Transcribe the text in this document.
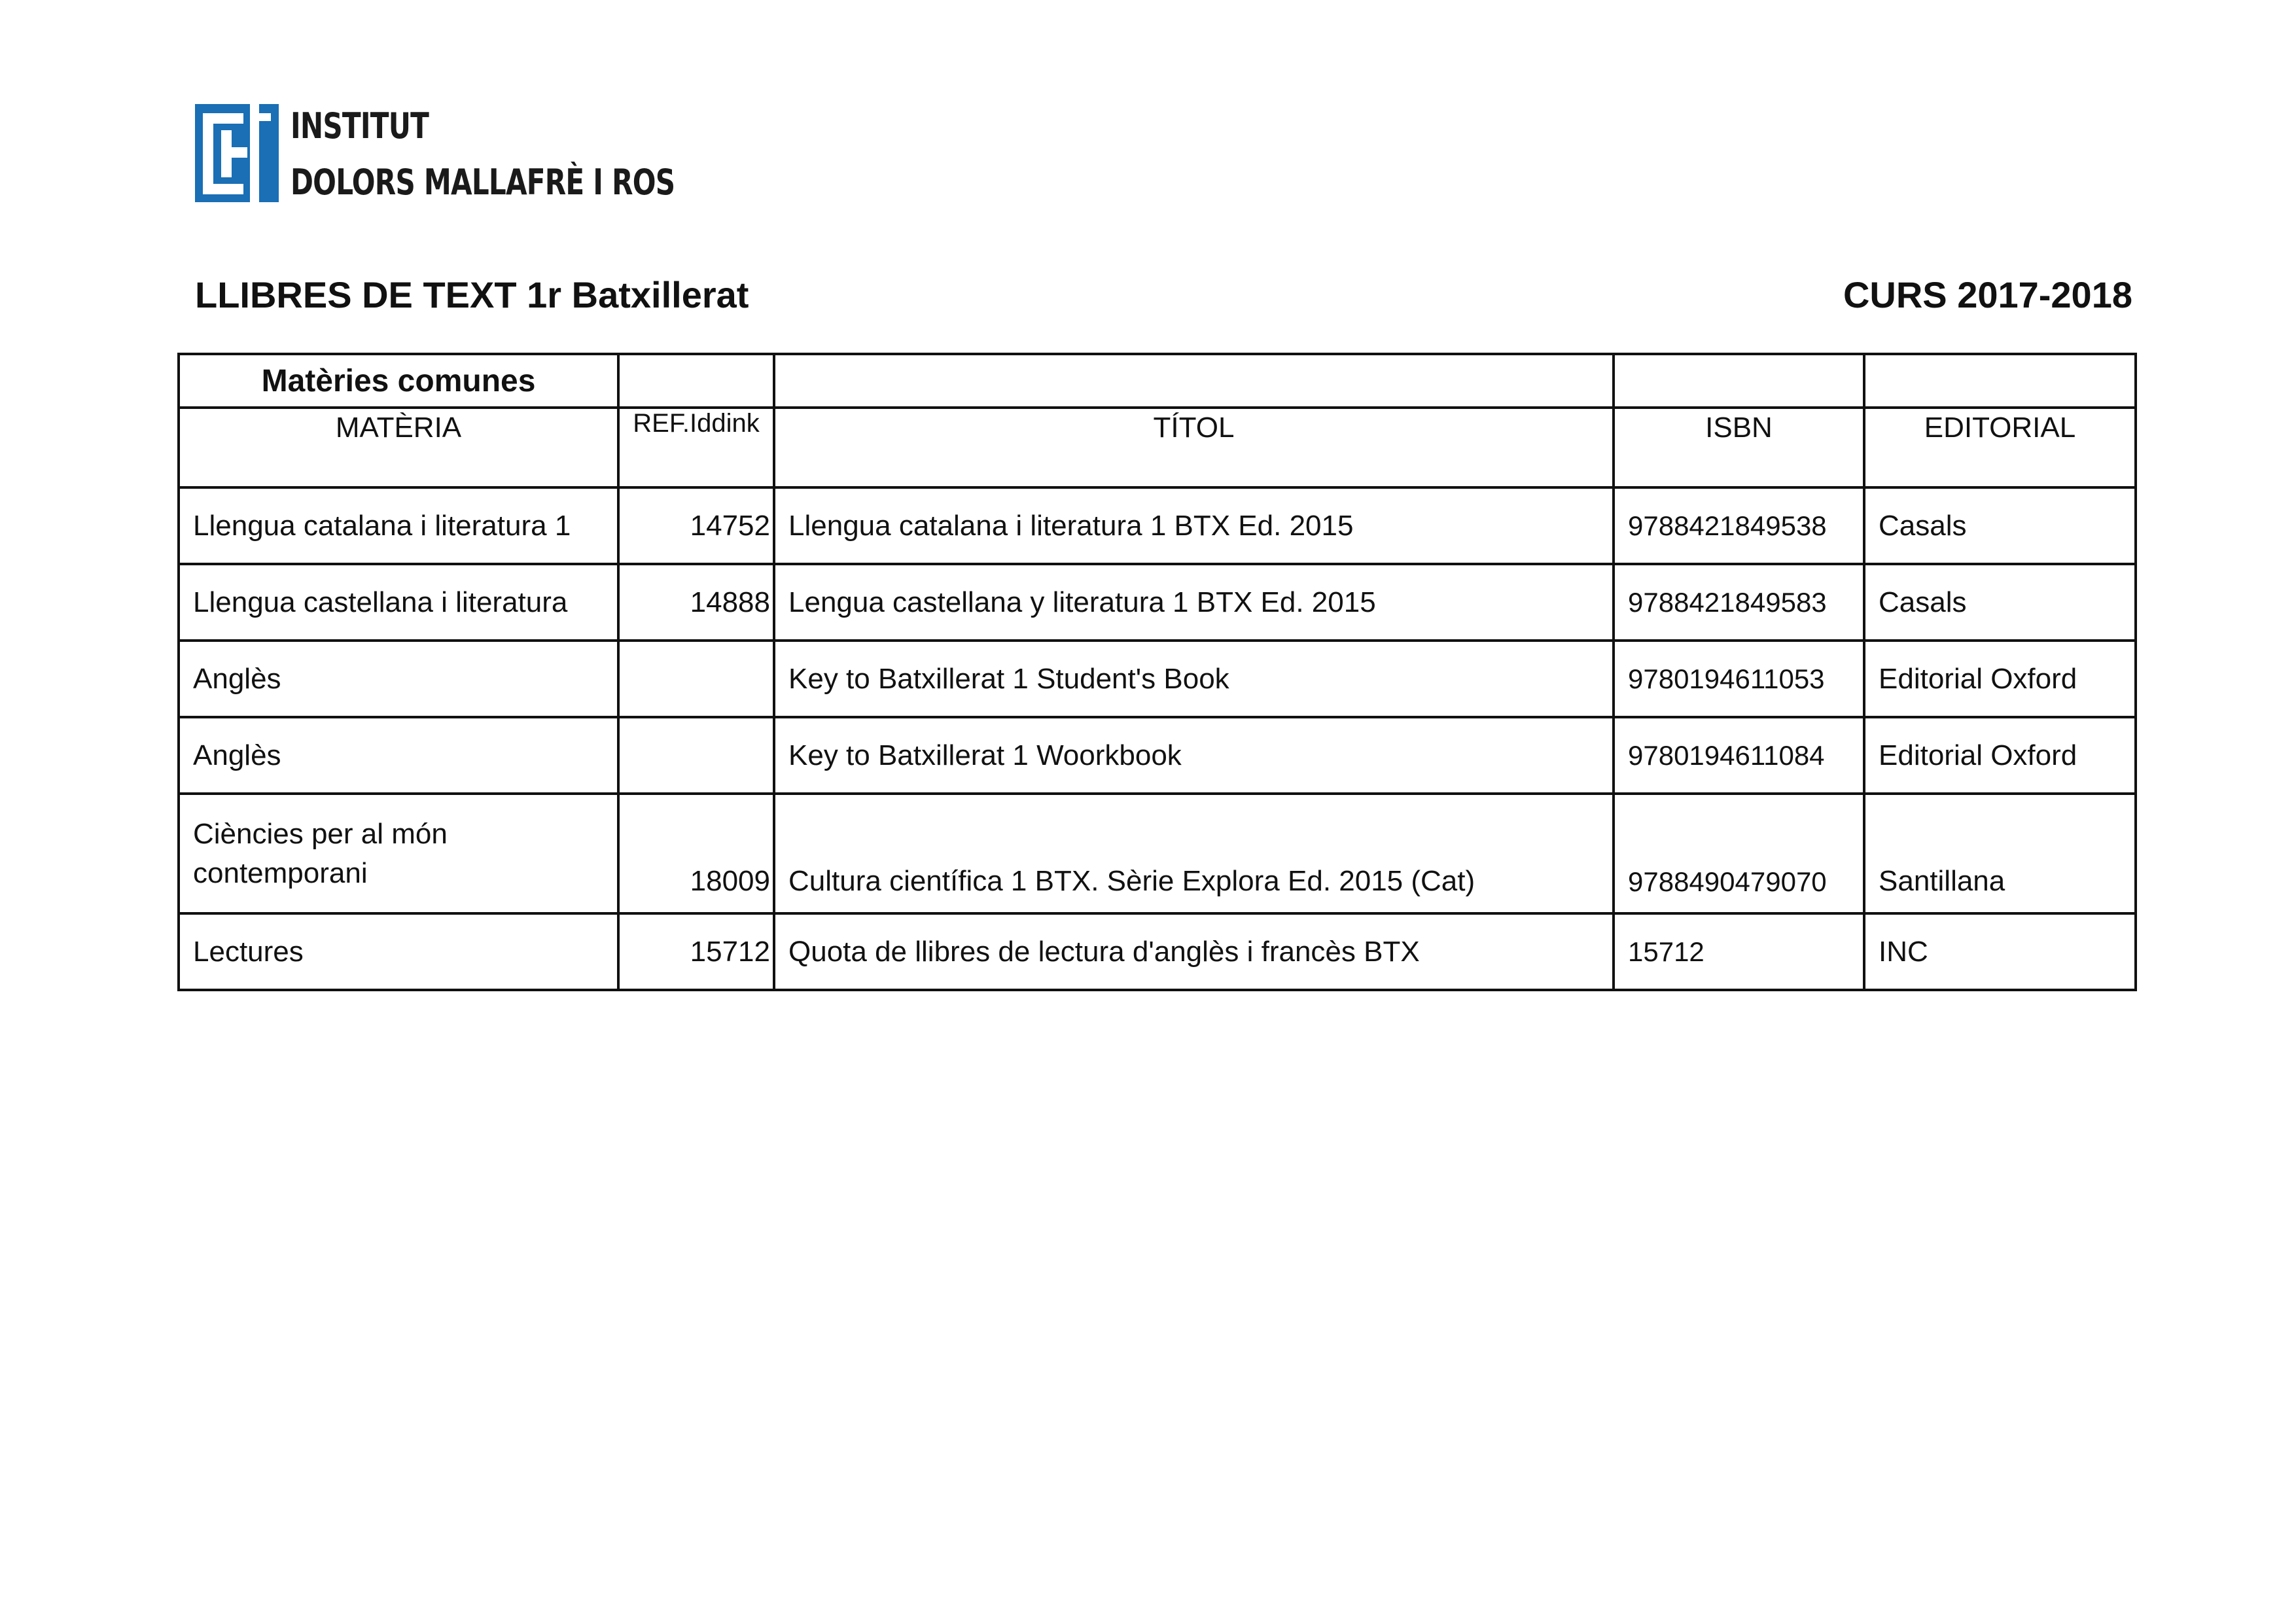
INSTITUT
DOLORS MALLAFRÈ I ROS
LLIBRES DE TEXT 1r Batxillerat	CURS 2017-2018
Matèries comunes				
MATÈRIA	REF.Iddink	TÍTOL	ISBN	EDITORIAL
Llengua catalana i literatura 1	14752	Llengua catalana i literatura 1 BTX Ed. 2015	9788421849538	Casals
Llengua castellana i literatura	14888	Lengua castellana y literatura 1 BTX Ed. 2015	9788421849583	Casals
Anglès		Key to Batxillerat 1 Student's Book	9780194611053	Editorial Oxford
Anglès		Key to Batxillerat 1 Woorkbook	9780194611084	Editorial Oxford
Ciències per al món contemporani	18009	Cultura científica 1 BTX. Sèrie Explora Ed. 2015 (Cat)	9788490479070	Santillana
Lectures	15712	Quota de llibres de lectura d'anglès i francès BTX	15712	INC
